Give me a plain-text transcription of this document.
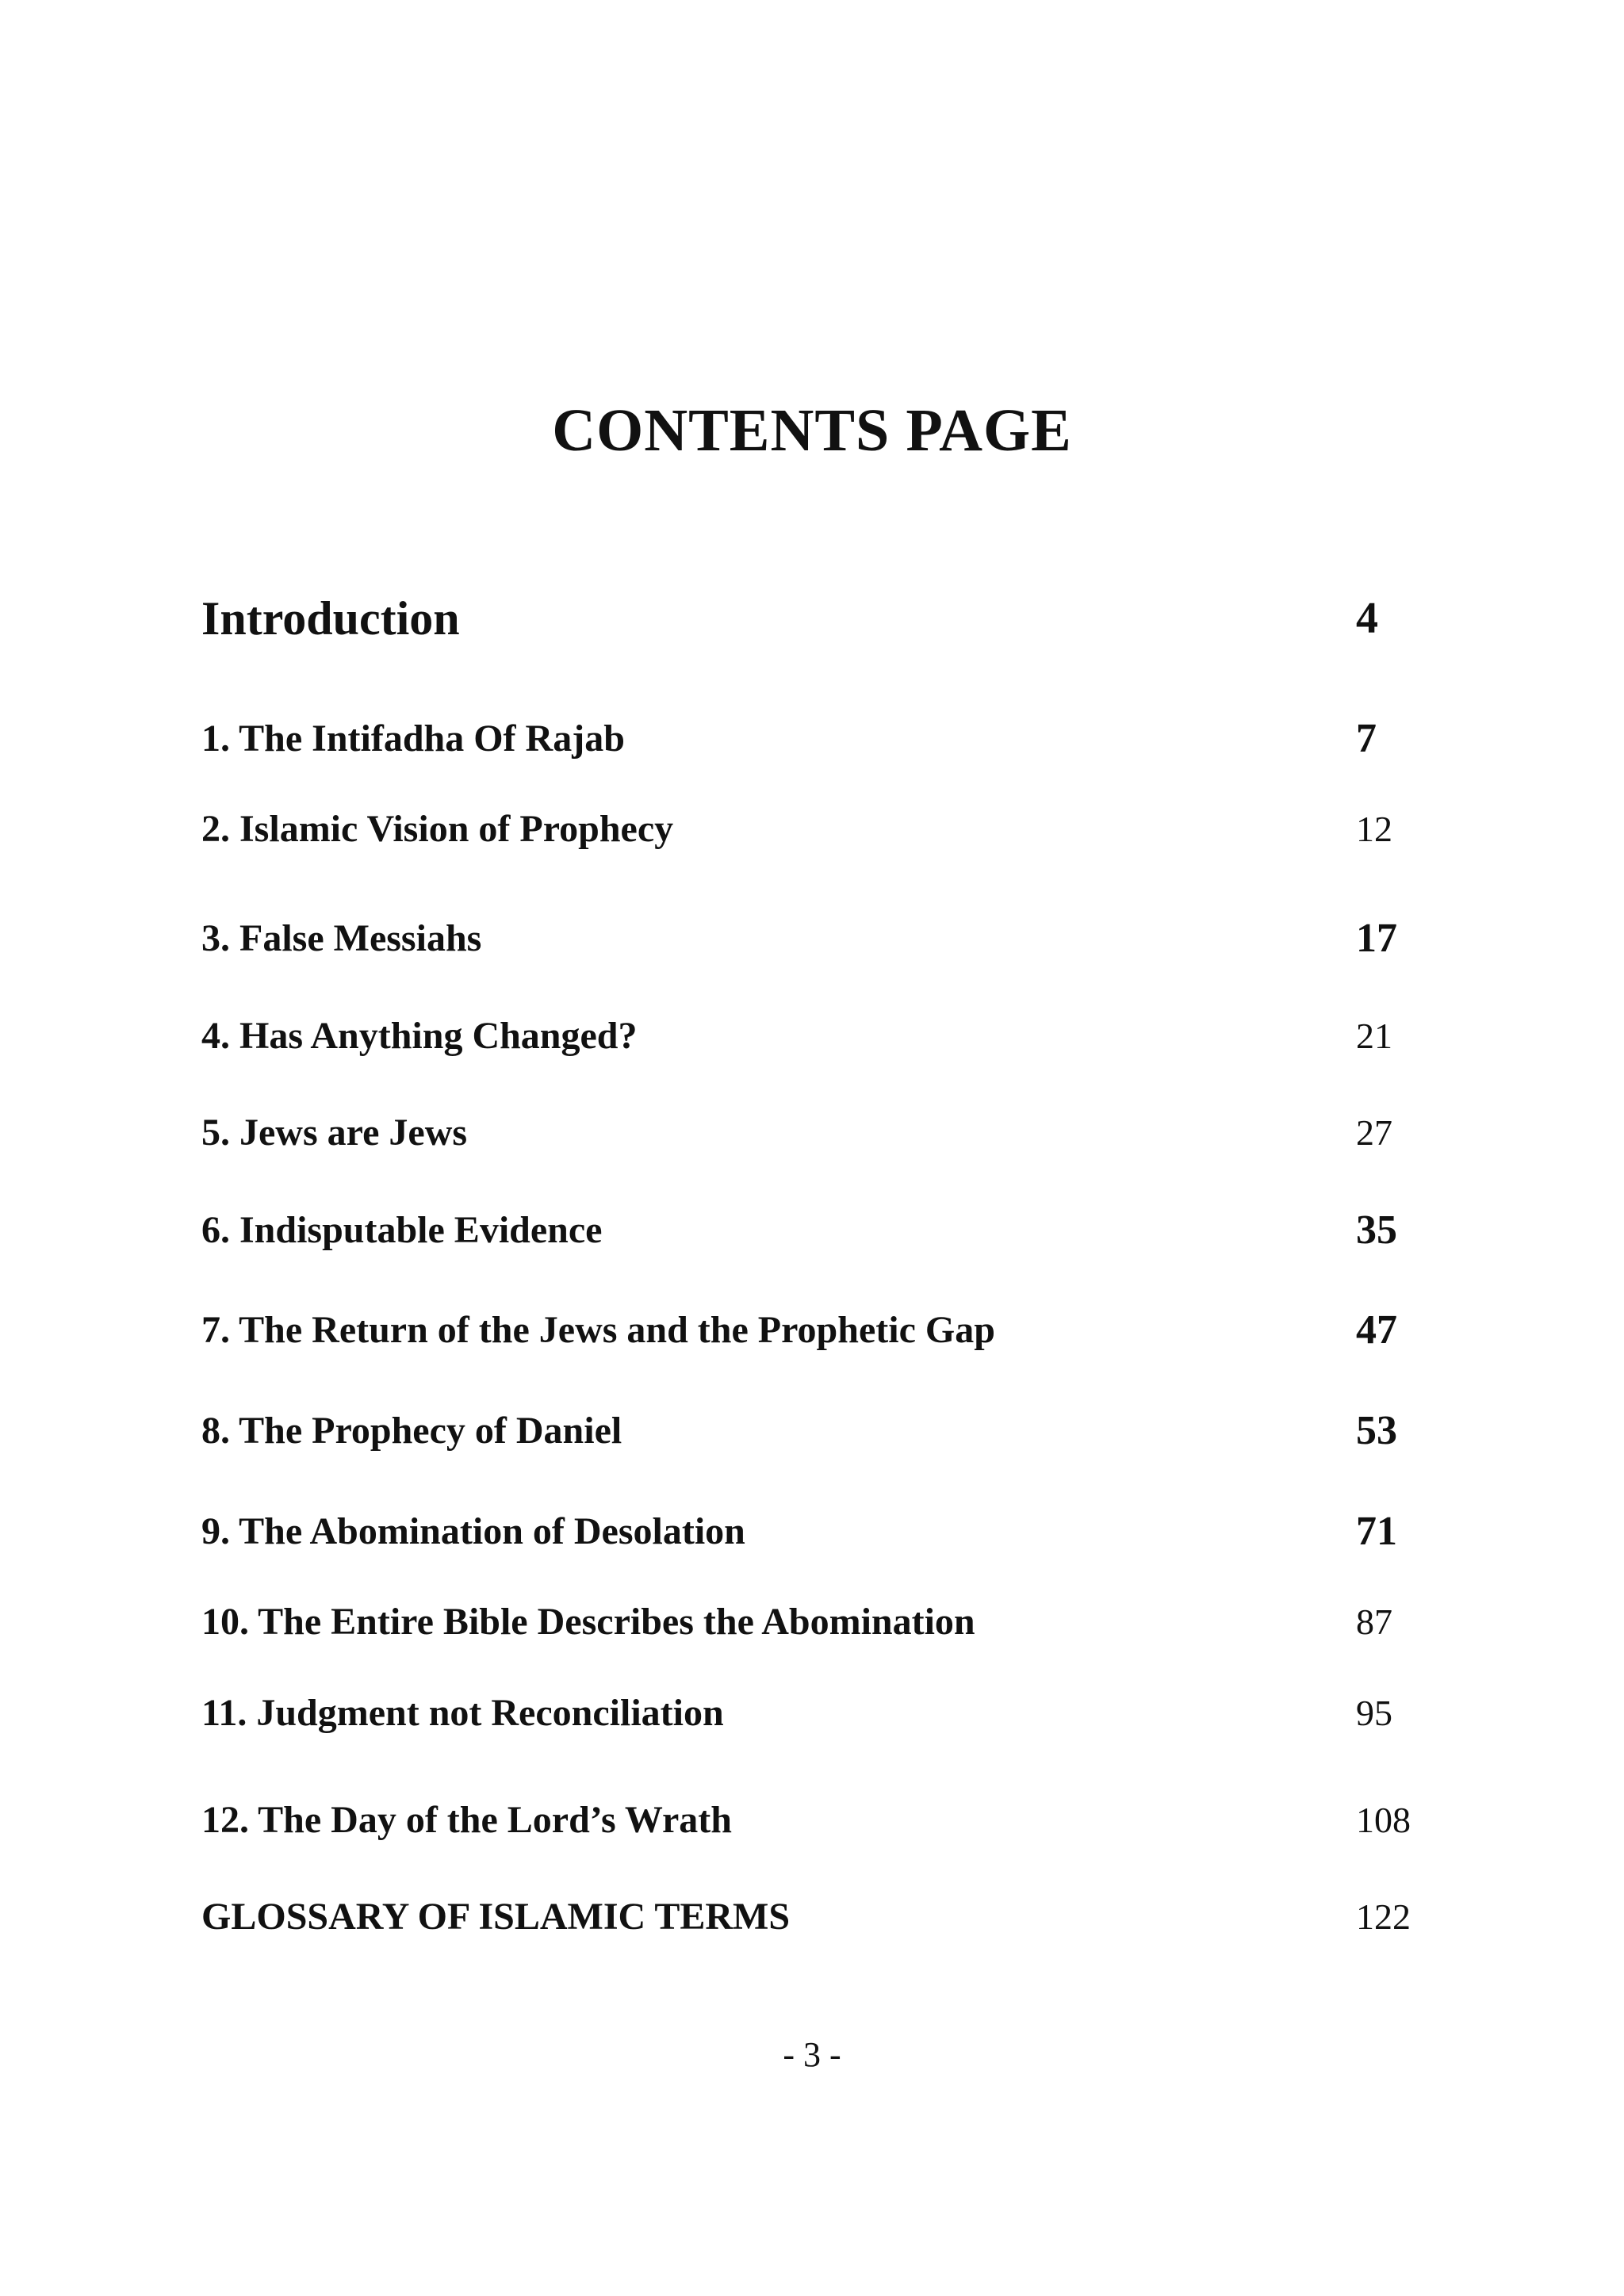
CONTENTS PAGE
Introduction	4
1. The Intifadha Of Rajab	7
2. Islamic Vision of Prophecy	12
3. False Messiahs	17
4. Has Anything Changed?	21
5. Jews are Jews	27
6. Indisputable Evidence	35
7. The Return of the Jews and the Prophetic Gap	47
8. The Prophecy of Daniel	53
9. The Abomination of Desolation	71
10. The Entire Bible Describes the Abomination	87
11. Judgment not Reconciliation	95
12. The Day of the Lord’s Wrath	108
GLOSSARY OF ISLAMIC TERMS	122
- 3 -
